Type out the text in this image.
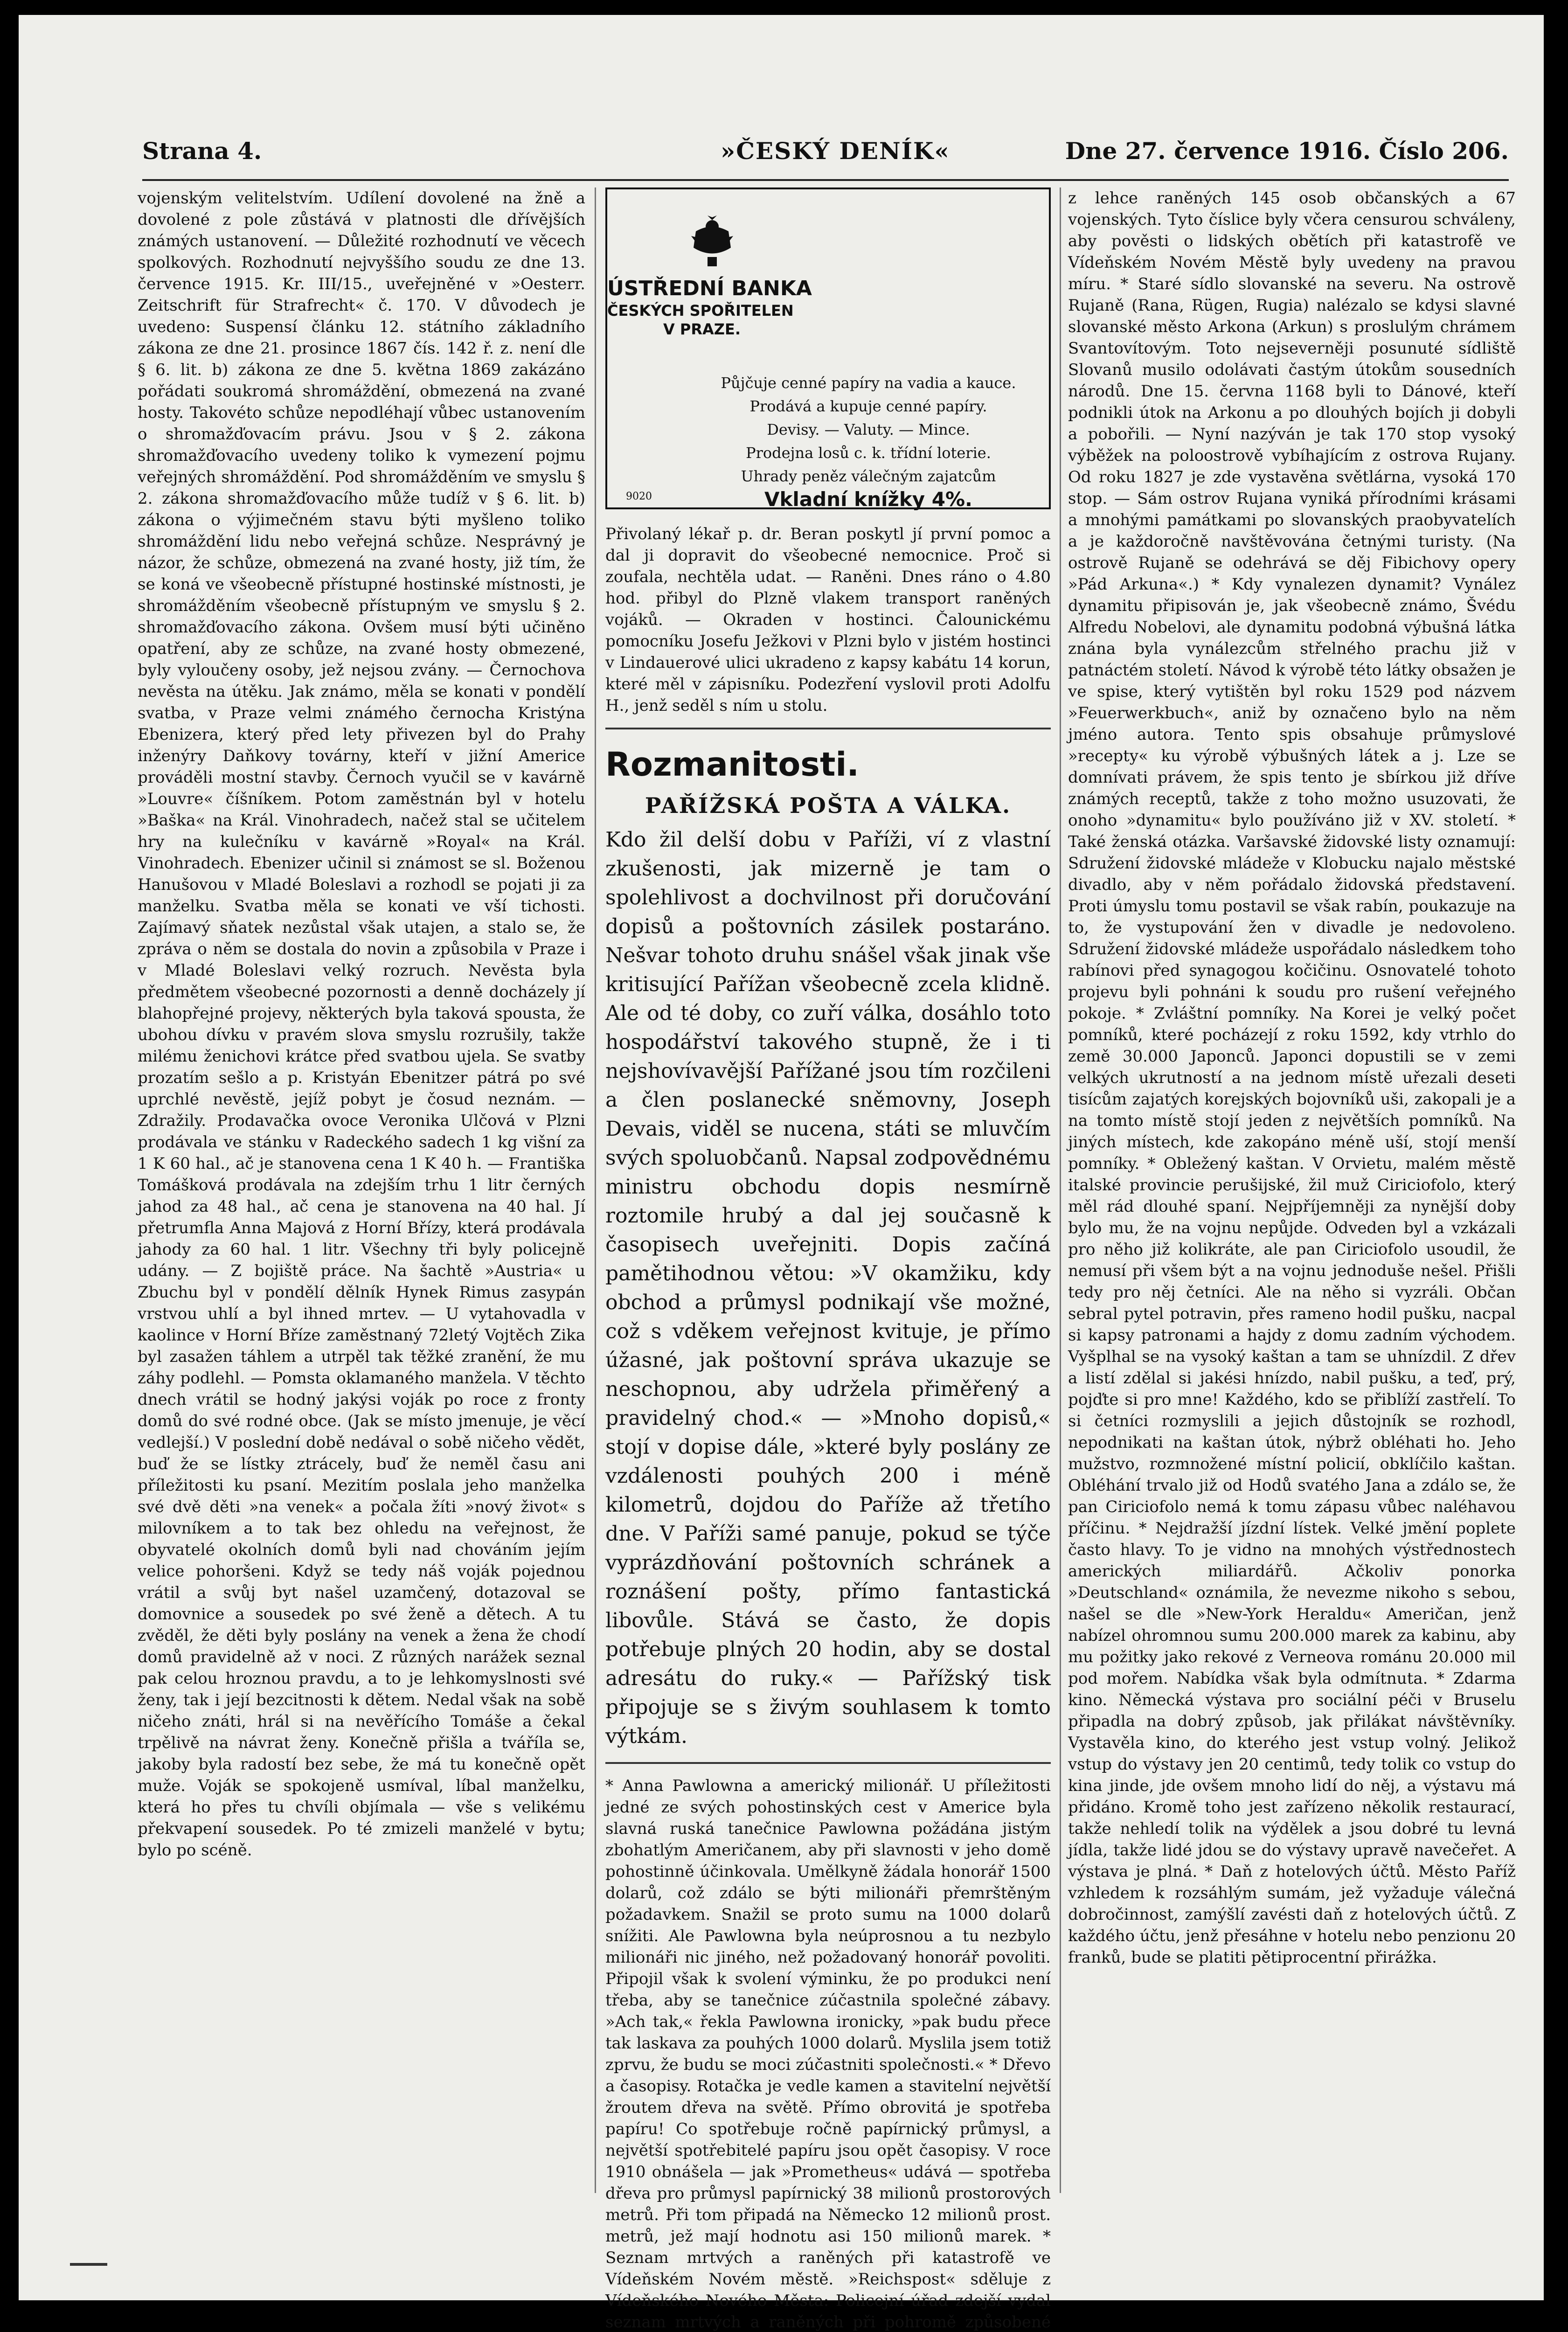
Strana 4.	»ČESKÝ DENÍK«	Dne 27. července 1916. Číslo 206.

vojenským velitelstvím. Udílení dovolené na žně a dovolené z pole zůstává v platnosti dle dřívějších známých ustanovení. — Důležité rozhodnutí ve věcech spolkových. Rozhodnutí nejvyššího soudu ze dne 13. července 1915. Kr. III/15., uveřejněné v »Oesterr. Zeitschrift für Strafrecht« č. 170. V důvodech je uvedeno: Suspensí článku 12. státního základního zákona ze dne 21. prosince 1867 čís. 142 ř. z. není dle § 6. lit. b) zákona ze dne 5. května 1869 zakázáno pořádati soukromá shromáždění, obmezená na zvané hosty. Takovéto schůze nepodléhají vůbec ustanovením o shromažďovacím právu. Jsou v § 2. zákona shromažďovacího uvedeny toliko k vymezení pojmu veřejných shromáždění. Pod shromážděním ve smyslu § 2. zákona shromažďovacího může tudíž v § 6. lit. b) zákona o výjimečném stavu býti myšleno toliko shromáždění lidu nebo veřejná schůze. Nesprávný je názor, že schůze, obmezená na zvané hosty, již tím, že se koná ve všeobecně přístupné hostinské místnosti, je shromážděním všeobecně přístupným ve smyslu § 2. shromažďovacího zákona. Ovšem musí býti učiněno opatření, aby ze schůze, na zvané hosty obmezené, byly vyloučeny osoby, jež nejsou zvány. — Černochova nevěsta na útěku. Jak známo, měla se konati v pondělí svatba, v Praze velmi známého černocha Kristýna Ebenizera, který před lety přivezen byl do Prahy inženýry Daňkovy továrny, kteří v jižní Americe prováděli mostní stavby. Černoch vyučil se v kavárně »Louvre« číšníkem. Potom zaměstnán byl v hotelu »Baška« na Král. Vinohradech, načež stal se učitelem hry na kulečníku v kavárně »Royal« na Král. Vinohradech. Ebenizer učinil si známost se sl. Boženou Hanušovou v Mladé Boleslavi a rozhodl se pojati ji za manželku. Svatba měla se konati ve vší tichosti. Zajímavý sňatek nezůstal však utajen, a stalo se, že zpráva o něm se dostala do novin a způsobila v Praze i v Mladé Boleslavi velký rozruch. Nevěsta byla předmětem všeobecné pozornosti a denně docházely jí blahopřejné projevy, některých byla taková spousta, že ubohou dívku v pravém slova smyslu rozrušily, takže milému ženichovi krátce před svatbou ujela. Se svatby prozatím sešlo a p. Kristyán Ebenitzer pátrá po své uprchlé nevěstě, jejíž pobyt je čosud neznám. — Zdražily. Prodavačka ovoce Veronika Ulčová v Plzni prodávala ve stánku v Radeckého sadech 1 kg višní za 1 K 60 hal., ač je stanovena cena 1 K 40 h. — Františka Tomášková prodávala na zdejším trhu 1 litr černých jahod za 48 hal., ač cena je stanovena na 40 hal. Jí přetrumfla Anna Majová z Horní Břízy, která prodávala jahody za 60 hal. 1 litr. Všechny tři byly policejně udány. — Z bojiště práce. Na šachtě »Austria« u Zbuchu byl v pondělí dělník Hynek Rimus zasypán vrstvou uhlí a byl ihned mrtev. — U vytahovadla v kaolince v Horní Bříze zaměstnaný 72letý Vojtěch Zika byl zasažen táhlem a utrpěl tak těžké zranění, že mu záhy podlehl. — Pomsta oklamaného manžela. V těchto dnech vrátil se hodný jakýsi voják po roce z fronty domů do své rodné obce. (Jak se místo jmenuje, je věcí vedlejší.) V poslední době nedával o sobě ničeho vědět, buď že se lístky ztrácely, buď že neměl času ani příležitosti ku psaní. Mezitím poslala jeho manželka své dvě děti »na venek« a počala žíti »nový život« s milovníkem a to tak bez ohledu na veřejnost, že obyvatelé okolních domů byli nad chováním jejím velice pohoršeni. Když se tedy náš voják pojednou vrátil a svůj byt našel uzamčený, dotazoval se domovnice a sousedek po své ženě a dětech. A tu zvěděl, že děti byly poslány na venek a žena že chodí domů pravidelně až v noci. Z různých narážek seznal pak celou hroznou pravdu, a to je lehkomyslnosti své ženy, tak i její bezcitnosti k dětem. Nedal však na sobě ničeho znáti, hrál si na nevěřícího Tomáše a čekal trpělivě na návrat ženy. Konečně přišla a tváříla se, jakoby byla radostí bez sebe, že má tu konečně opět muže. Voják se spokojeně usmíval, líbal manželku, která ho přes tu chvíli objímala — vše s velikému překvapení sousedek. Po té zmizeli manželé v bytu; bylo po scéně.

ÚSTŘEDNÍ BANKA
ČESKÝCH SPOŘITELEN
V PRAZE.
Půjčuje cenné papíry na vadia a kauce.
Prodává a kupuje cenné papíry.
Devisy. — Valuty. — Mince.
Prodejna losů c. k. třídní loterie.
Uhrady peněz válečným zajatcům
Vkladní knížky 4%.
9020

Přivolaný lékař p. dr. Beran poskytl jí první pomoc a dal ji dopravit do všeobecné nemocnice. Proč si zoufala, nechtěla udat. — Raněni. Dnes ráno o 4.80 hod. přibyl do Plzně vlakem transport raněných vojáků. — Okraden v hostinci. Čalounickému pomocníku Josefu Ježkovi v Plzni bylo v jistém hostinci v Lindauerové ulici ukradeno z kapsy kabátu 14 korun, které měl v zápisníku. Podezření vyslovil proti Adolfu H., jenž seděl s ním u stolu.

Rozmanitosti.
PAŘÍŽSKÁ POŠTA A VÁLKA.

Kdo žil delší dobu v Paříži, ví z vlastní zkušenosti, jak mizerně je tam o spolehlivost a dochvilnost při doručování dopisů a poštovních zásilek postaráno. Nešvar tohoto druhu snášel však jinak vše kritisující Pařížan všeobecně zcela klidně. Ale od té doby, co zuří válka, dosáhlo toto hospodářství takového stupně, že i ti nejshovívavější Pařížané jsou tím rozčileni a člen poslanecké sněmovny, Joseph Devais, viděl se nucena, státi se mluvčím svých spoluobčanů. Napsal zodpovědnému ministru obchodu dopis nesmírně roztomile hrubý a dal jej současně k časopisech uveřejniti. Dopis začíná pamětihodnou větou: »V okamžiku, kdy obchod a průmysl podnikají vše možné, což s vděkem veřejnost kvituje, je přímo úžasné, jak poštovní správa ukazuje se neschopnou, aby udržela přiměřený a pravidelný chod.« — »Mnoho dopisů,« stojí v dopise dále, »které byly poslány ze vzdálenosti pouhých 200 i méně kilometrů, dojdou do Paříže až třetího dne. V Paříži samé panuje, pokud se týče vyprázdňování poštovních schránek a roznášení pošty, přímo fantastická libovůle. Stává se často, že dopis potřebuje plných 20 hodin, aby se dostal adresátu do ruky.« — Pařížský tisk připojuje se s živým souhlasem k tomto výtkám.

* Anna Pawlowna a americký milionář. U příležitosti jedné ze svých pohostinských cest v Americe byla slavná ruská tanečnice Pawlowna požádána jistým zbohatlým Američanem, aby při slavnosti v jeho domě pohostinně účinkovala. Umělkyně žádala honorář 1500 dolarů, což zdálo se býti milionáři přemrštěným požadavkem. Snažil se proto sumu na 1000 dolarů snížiti. Ale Pawlowna byla neúprosnou a tu nezbylo milionáři nic jiného, než požadovaný honorář povoliti. Připojil však k svolení výminku, že po produkci není třeba, aby se tanečnice zúčastnila společné zábavy. »Ach tak,« řekla Pawlowna ironicky, »pak budu přece tak laskava za pouhých 1000 dolarů. Myslila jsem totiž zprvu, že budu se moci zúčastniti společnosti.« * Dřevo a časopisy. Rotačka je vedle kamen a stavitelní největší žroutem dřeva na světě. Přímo obrovitá je spotřeba papíru! Co spotřebuje ročně papírnický průmysl, a největší spotřebitelé papíru jsou opět časopisy. V roce 1910 obnášela — jak »Prometheus« udává — spotřeba dřeva pro průmysl papírnický 38 milionů prostorových metrů. Při tom připadá na Německo 12 milionů prost. metrů, jež mají hodnotu asi 150 milionů marek. * Seznam mrtvých a raněných při katastrofě ve Vídeňském Novém městě. »Reichspost« sděluje z Vídeňského Nového Města: Policejní úřad zdejší vydal seznam mrtvých a raněných při pohromě způsobené

z lehce raněných 145 osob občanských a 67 vojenských. Tyto číslice byly včera censurou schváleny, aby pověsti o lidských obětích při katastrofě ve Vídeňském Novém Městě byly uvedeny na pravou míru. * Staré sídlo slovanské na severu. Na ostrově Rujaně (Rana, Rügen, Rugia) nalézalo se kdysi slavné slovanské město Arkona (Arkun) s proslulým chrámem Svantovítovým. Toto nejseverněji posunuté sídliště Slovanů musilo odolávati častým útokům sousedních národů. Dne 15. června 1168 byli to Dánové, kteří podnikli útok na Arkonu a po dlouhých bojích ji dobyli a pobořili. — Nyní nazýván je tak 170 stop vysoký výběžek na poloostrově vybíhajícím z ostrova Rujany. Od roku 1827 je zde vystavěna světlárna, vysoká 170 stop. — Sám ostrov Rujana vyniká přírodními krásami a mnohými památkami po slovanských praobyvatelích a je každoročně navštěvována četnými turisty. (Na ostrově Rujaně se odehrává se děj Fibichovy opery »Pád Arkuna«.) * Kdy vynalezen dynamit? Vynález dynamitu připisován je, jak všeobecně známo, Švédu Alfredu Nobelovi, ale dynamitu podobná výbušná látka znána byla vynálezcům střelného prachu již v patnáctém století. Návod k výrobě této látky obsažen je ve spise, který vytištěn byl roku 1529 pod názvem »Feuerwerkbuch«, aniž by označeno bylo na něm jméno autora. Tento spis obsahuje průmyslové »recepty« ku výrobě výbušných látek a j. Lze se domnívati právem, že spis tento je sbírkou již dříve známých receptů, takže z toho možno usuzovati, že onoho »dynamitu« bylo používáno již v XV. století. * Také ženská otázka. Varšavské židovské listy oznamují: Sdružení židovské mládeže v Klobucku najalo městské divadlo, aby v něm pořádalo židovská představení. Proti úmyslu tomu postavil se však rabín, poukazuje na to, že vystupování žen v divadle je nedovoleno. Sdružení židovské mládeže uspořádalo následkem toho rabínovi před synagogou kočičinu. Osnovatelé tohoto projevu byli pohnáni k soudu pro rušení veřejného pokoje. * Zvláštní pomníky. Na Korei je velký počet pomníků, které pocházejí z roku 1592, kdy vtrhlo do země 30.000 Japonců. Japonci dopustili se v zemi velkých ukrutností a na jednom místě uřezali deseti tisícům zajatých korejských bojovníků uši, zakopali je a na tomto místě stojí jeden z největších pomníků. Na jiných místech, kde zakopáno méně uší, stojí menší pomníky. * Obležený kaštan. V Orvietu, malém městě italské provincie perušijské, žil muž Ciriciofolo, který měl rád dlouhé spaní. Nejpříjemněji za nynější doby bylo mu, že na vojnu nepůjde. Odveden byl a vzkázali pro něho již kolikráte, ale pan Ciriciofolo usoudil, že nemusí při všem být a na vojnu jednoduše nešel. Přišli tedy pro něj četníci. Ale na něho si vyzráli. Občan sebral pytel potravin, přes rameno hodil pušku, nacpal si kapsy patronami a hajdy z domu zadním východem. Vyšplhal se na vysoký kaštan a tam se uhnízdil. Z dřev a listí zdělal si jakési hnízdo, nabil pušku, a teď, prý, pojďte si pro mne! Každého, kdo se přiblíží zastřelí. To si četníci rozmyslili a jejich důstojník se rozhodl, nepodnikati na kaštan útok, nýbrž obléhati ho. Jeho mužstvo, rozmnožené místní policií, obklíčilo kaštan. Obléhání trvalo již od Hodů svatého Jana a zdálo se, že pan Ciriciofolo nemá k tomu zápasu vůbec naléhavou příčinu. * Nejdražší jízdní lístek. Velké jmění poplete často hlavy. To je vidno na mnohých výstřednostech amerických miliardářů. Ačkoliv ponorka »Deutschland« oznámila, že nevezme nikoho s sebou, našel se dle »New-York Heraldu« Američan, jenž nabízel ohromnou sumu 200.000 marek za kabinu, aby mu požitky jako rekové z Verneova románu 20.000 mil pod mořem. Nabídka však byla odmítnuta. * Zdarma kino. Německá výstava pro sociální péči v Bruselu připadla na dobrý způsob, jak přilákat návštěvníky. Vystavěla kino, do kterého jest vstup volný. Jelikož vstup do výstavy jen 20 centimů, tedy tolik co vstup do kina jinde, jde ovšem mnoho lidí do něj, a výstavu má přidáno. Kromě toho jest zařízeno několik restaurací, takže nehledí tolik na výdělek a jsou dobré tu levná jídla, takže lidé jdou se do výstavy upravě navečeřet. A výstava je plná. * Daň z hotelových účtů. Město Paříž vzhledem k rozsáhlým sumám, jež vyžaduje válečná dobročinnost, zamýšlí zavésti daň z hotelových účtů. Z každého účtu, jenž přesáhne v hotelu nebo penzionu 20 franků, bude se platiti pětiprocentní přirážka.
